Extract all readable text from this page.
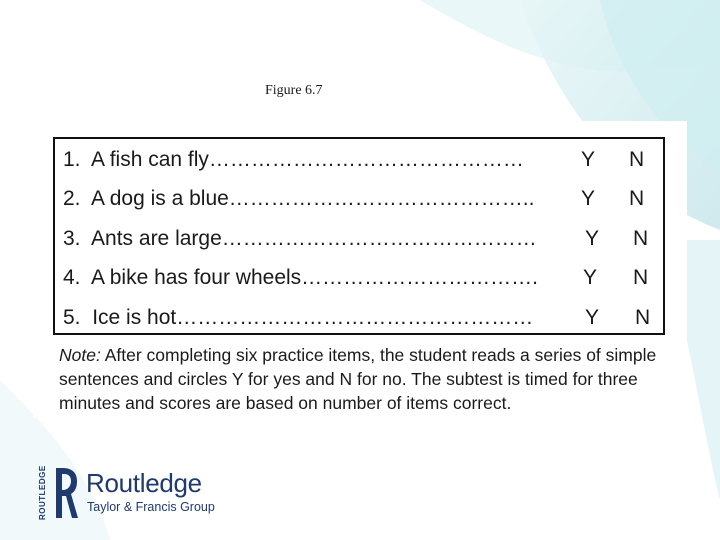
Figure 6.7
1. A fish can fly………………………………………	Y N
2. A dog is a blue…………………………………….. Y N
3. Ants are large……………………………………… Y N
4.  A bike has four wheels……………………………. Y N
5. Ice is hot…………………………………………… Y N
Note: After completing six practice items, the student reads a series of simple sentences and circles Y for yes and N for no. The subtest is timed for three minutes and scores are based on number of items correct.
ROUTLEDGE Routledge
Taylor & Francis Group
